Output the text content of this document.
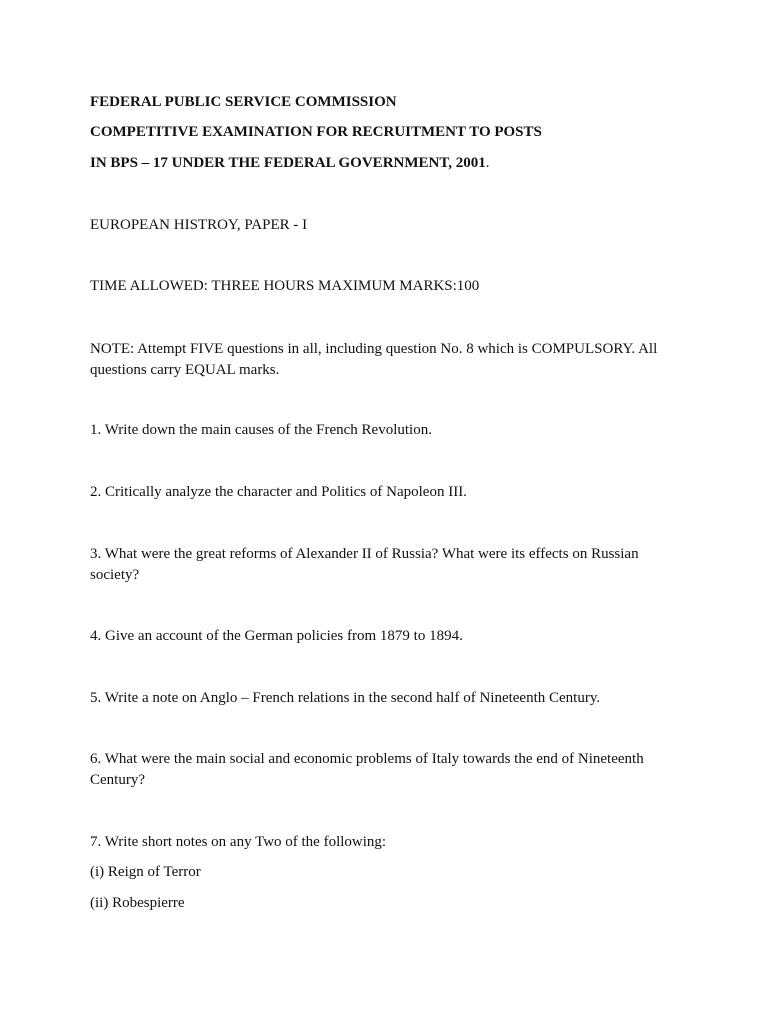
FEDERAL PUBLIC SERVICE COMMISSION
COMPETITIVE EXAMINATION FOR RECRUITMENT TO POSTS
IN BPS – 17 UNDER THE FEDERAL GOVERNMENT, 2001.
EUROPEAN HISTROY, PAPER - I
TIME ALLOWED: THREE HOURS MAXIMUM MARKS:100
NOTE: Attempt FIVE questions in all, including question No. 8 which is COMPULSORY. All questions carry EQUAL marks.
1. Write down the main causes of the French Revolution.
2. Critically analyze the character and Politics of Napoleon III.
3. What were the great reforms of Alexander II of Russia? What were its effects on Russian society?
4. Give an account of the German policies from 1879 to 1894.
5. Write a note on Anglo – French relations in the second half of Nineteenth Century.
6. What were the main social and economic problems of Italy towards the end of Nineteenth Century?
7. Write short notes on any Two of the following:
(i) Reign of Terror
(ii) Robespierre
